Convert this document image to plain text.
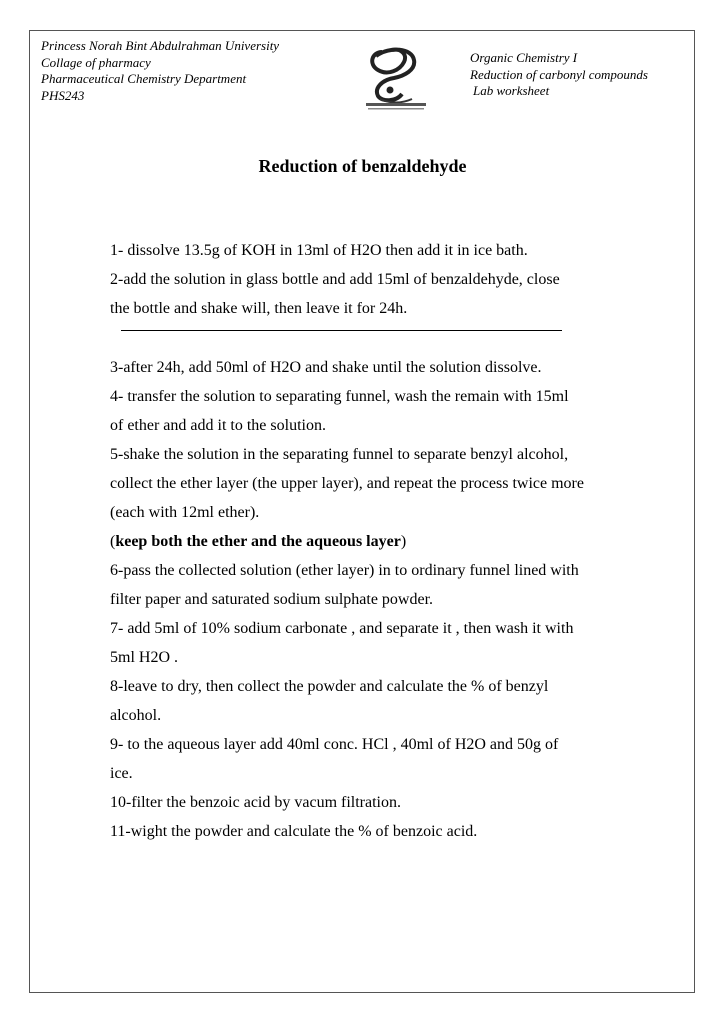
Princess Norah Bint Abdulrahman University
Collage of pharmacy
Pharmaceutical Chemistry Department
PHS243
Organic Chemistry I
Reduction of carbonyl compounds
Lab worksheet
Reduction of benzaldehyde

1- dissolve 13.5g of KOH in 13ml of H2O then add it in ice bath.

2-add the solution in glass bottle and add 15ml of benzaldehyde, close

the bottle and shake will, then leave it for 24h.

3-after 24h, add 50ml of H2O and shake until the solution dissolve.

4- transfer the solution to separating funnel, wash the remain with 15ml

of ether and add it to the solution.

5-shake the solution in the separating funnel to separate benzyl alcohol,

collect the ether layer (the upper layer), and repeat the process twice more

(each with 12ml ether).

(keep both the ether and the aqueous layer)

6-pass the collected solution (ether layer) in to ordinary funnel lined with

filter paper and saturated sodium sulphate powder.

7- add 5ml of 10% sodium carbonate , and separate it , then wash it with

5ml H2O .

8-leave to dry, then collect the powder and calculate the % of benzyl

alcohol.

9- to the aqueous layer add 40ml conc. HCl , 40ml of H2O and 50g of

ice.

10-filter the benzoic acid by vacum filtration.

11-wight the powder and calculate the % of benzoic acid.
